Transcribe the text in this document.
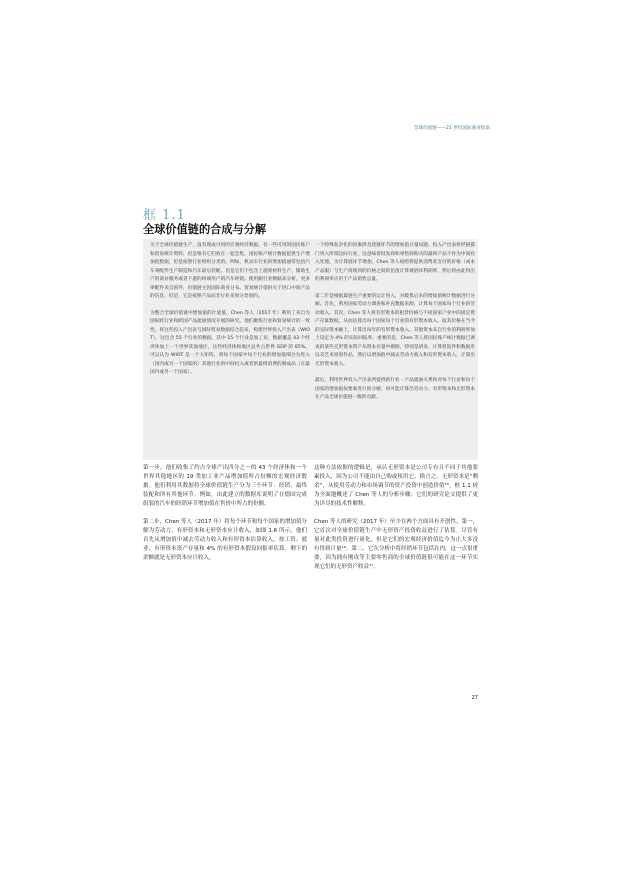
全球价值链——21 世纪国际商业指南
框 1.1
全球价值链的合成与分解

关于全球价值链生产，没有现成可用的宏观经济数据。有一些可用的国民账户和贸易统计资料，但是唯有它们放在一起会集，国民账户统计数据提供生产增加值数据，但是按照行业组织分类的。例如，机动车行业的增加值通常包括汽车零配件生产制造和汽车最后装配。但是它们不包含上游原材料生产、铺助生产的商业服务或者下游的终端用户的汽车经销。使用跟行业数据来分析，更多零配件来自国外，价值链主因国际商业分布。贸易统计提供关于进口中间产品的信息，但是，它是按照产品而非行业来划分类别的。

为整合全球价值链中增加值的计量值，Chen 等人（2017 年）利用了来自为国际跨行业和跨国产品流通情况开展的研究，他们聚焦行业和贸易统计的一致性。将这些投入产出表与国际贸易数据结合起来，构建世界投入产出表（WIOT）。这包含 55 个行业的数据，其中 15 个行业是加工业，数据覆盖 43 个经济体加上一个世界其他地区，这些经济体和地区总共占世界 GDP 的 85%。可以认为 WIOT 是一个大矩阵，将每个国家中每个行业的增加值细分为进入（国内或另一个国家的）其他行业的中间投入或者供最终消费的制成品（在最国内或另一个国家）。

一个特殊复杂化的因素涉及绕链环节的增加值计量问题。投入产出表将经链都门列入所谓边际行业，这意味着批发商和零售商购买的最终产品不作为中间投入处理。为计算链环节增加，Chen 等人按照将提供消费者支付的价格（成本产品服）与生产商收到的价格之间的比值计算被链环利润率，然后将由此得出的利润率应用于产品销售总量。

第二步是根据最链生产重要的运计进入，对破集后来的增加值统计数据进行分解。首先，利用国家劳动力调查和补充数据来源，计算每个国家每个行业的劳动收入。其次，Chen 等人将有形资本的租赁价格与不同国家产业中的固定资产存量数据，从而估算出每个国家每个行业的有形资本收入。取其价格在当今的实际资本额上，计算出每年的有形资本收入。其他资本来自行业的利润率加上设定为 4% 的实际回报率。重要的是，Chen 等人将国民账户统计数据已调查的某些无形资本资产从资本存量中剔除，特别是研发、计算机软件和数据库以及艺术原创作品，然后以增加值中减去劳动力收入和有形资本收入，计算出无形资本收入。

最后，利用世界投入产出表所提供的行业 - 产品流通关系和对每个行业和每个国家的增加值按要素进行的分解，再可能计算出劳动力、有形资本和无形资本在产品全球价值链一级的贡献。

第一步，他们收集了约占全球产出四分之一的 43 个经济体和一个世界其他地区的 19 类加工业产品增加值所占份额的宏观经济数据。他们利用其数据将全球价值链生产分为三个环节：经销、最终装配和所有其他环节。例如，由此建立的数据库说明了在德国完成组装的汽车的经销环节增加值在售价中所占的份额。

第二步，Chen 等人（2017 年）将每个环节和每个国家的增加值分解为劳动力、有形资本和无形资本应计收入，如图 1.6 所示。他们首先从增加值中减去劳动力收入和有形资本估算收入，按工资、就业、有形资本资产存量和 4% 的有形资本假设回报率估算。剩下的余额就是无形资本应计收入。

这种方法依据的逻辑是，承认无形资本是公司专有且不同于其他要素投入，因为公司不能由自己购或租用它。换言之，无形资本是“剩余”，从使用劳动力和市场调节的资产投资中创造价值¹⁵。框 1.1 较为全面地概述了 Chen 等人的分析步骤；它们的研究论文提供了更为详尽的技术性解释。

Chen 等人的研究（2017 年）至少在两个方面具有开创性。第一，它首次对全球价值链生产中无形资产投资收益进行了估算。尽管有量对此类投资进行量化，但是它们的宏观经济价值迄今为止大多没有得到计量¹⁶。第二，它在分析中将经销环节包括在内，这一点很重要，因为拥有刚攻等主要零售商的全球价值链很可能在这一环节实现它们的无形资产收益¹⁷。

27
